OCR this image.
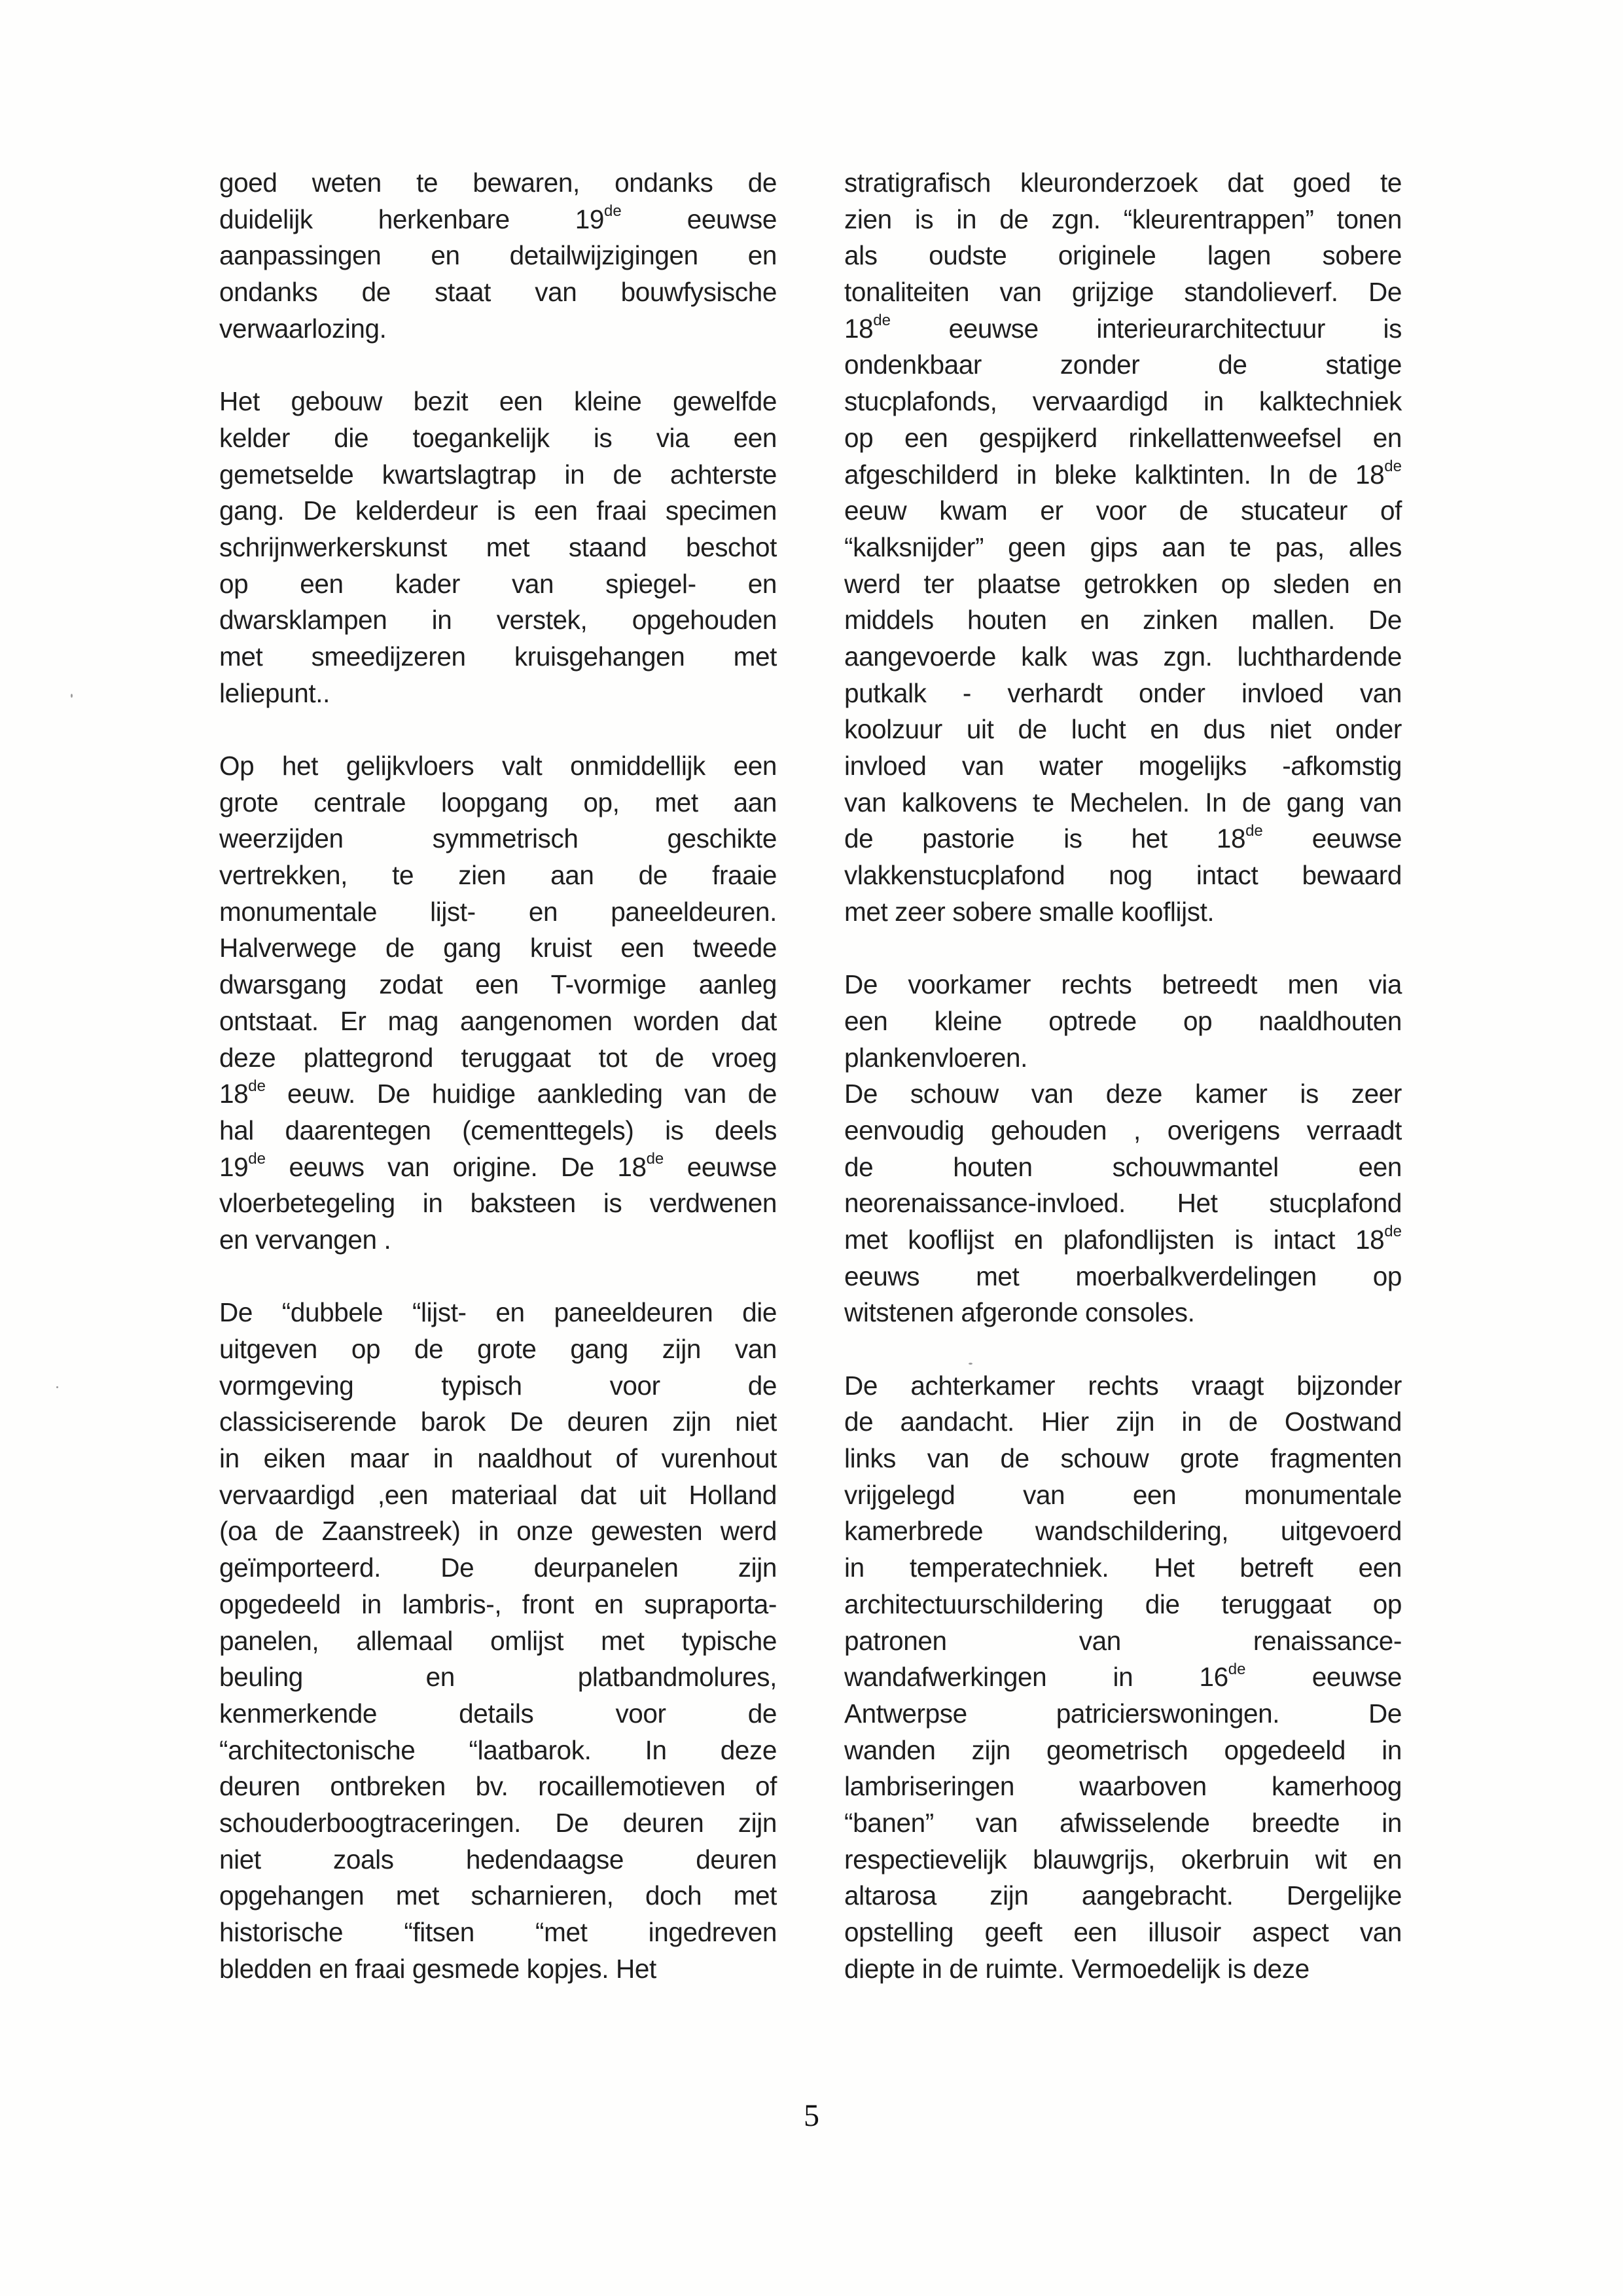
goed weten te bewaren, ondanks de
duidelijk herkenbare 19de eeuwse
aanpassingen en detailwijzigingen en
ondanks de staat van bouwfysische
verwaarlozing.
Het gebouw bezit een kleine gewelfde
kelder die toegankelijk is via een
gemetselde kwartslagtrap in de achterste
gang. De kelderdeur is een fraai specimen
schrijnwerkerskunst met staand beschot
op een kader van spiegel- en
dwarsklampen in verstek, opgehouden
met smeedijzeren kruisgehangen met
leliepunt..
Op het gelijkvloers valt onmiddellijk een
grote centrale loopgang op, met aan
weerzijden symmetrisch geschikte
vertrekken, te zien aan de fraaie
monumentale lijst- en paneeldeuren.
Halverwege de gang kruist een tweede
dwarsgang zodat een T-vormige aanleg
ontstaat. Er mag aangenomen worden dat
deze plattegrond teruggaat tot de vroeg
18de eeuw. De huidige aankleding van de
hal daarentegen (cementtegels) is deels
19de eeuws van origine. De 18de eeuwse
vloerbetegeling in baksteen is verdwenen
en vervangen .
De “dubbele “lijst- en paneeldeuren die
uitgeven op de grote gang zijn van
vormgeving typisch voor de
classiciserende barok De deuren zijn niet
in eiken maar in naaldhout of vurenhout
vervaardigd ,een materiaal dat uit Holland
(oa de Zaanstreek) in onze gewesten werd
geïmporteerd. De deurpanelen zijn
opgedeeld in lambris-, front en supraporta-
panelen, allemaal omlijst met typische
beuling en platbandmolures,
kenmerkende details voor de
“architectonische “laatbarok. In deze
deuren ontbreken bv. rocaillemotieven of
schouderboogtraceringen. De deuren zijn
niet zoals hedendaagse deuren
opgehangen met scharnieren, doch met
historische “fitsen “met ingedreven
bledden en fraai gesmede kopjes. Het
stratigrafisch kleuronderzoek dat goed te
zien is in de zgn. “kleurentrappen” tonen
als oudste originele lagen sobere
tonaliteiten van grijzige standolieverf. De
18de eeuwse interieurarchitectuur is
ondenkbaar zonder de statige
stucplafonds, vervaardigd in kalktechniek
op een gespijkerd rinkellattenweefsel en
afgeschilderd in bleke kalktinten. In de 18de
eeuw kwam er voor de stucateur of
“kalksnijder” geen gips aan te pas, alles
werd ter plaatse getrokken op sleden en
middels houten en zinken mallen. De
aangevoerde kalk was zgn. luchthardende
putkalk - verhardt onder invloed van
koolzuur uit de lucht en dus niet onder
invloed van water mogelijks -afkomstig
van kalkovens te Mechelen. In de gang van
de pastorie is het 18de eeuwse
vlakkenstucplafond nog intact bewaard
met zeer sobere smalle kooflijst.
De voorkamer rechts betreedt men via
een kleine optrede op naaldhouten
plankenvloeren.
De schouw van deze kamer is zeer
eenvoudig gehouden , overigens verraadt
de houten schouwmantel een
neorenaissance-invloed. Het stucplafond
met kooflijst en plafondlijsten is intact 18de
eeuws met moerbalkverdelingen op
witstenen afgeronde consoles.
De achterkamer rechts vraagt bijzonder
de aandacht. Hier zijn in de Oostwand
links van de schouw grote fragmenten
vrijgelegd van een monumentale
kamerbrede wandschildering, uitgevoerd
in temperatechniek. Het betreft een
architectuurschildering die teruggaat op
patronen van renaissance-
wandafwerkingen in 16de eeuwse
Antwerpse patricierswoningen. De
wanden zijn geometrisch opgedeeld in
lambriseringen waarboven kamerhoog
“banen” van afwisselende breedte in
respectievelijk blauwgrijs, okerbruin wit en
altarosa zijn aangebracht. Dergelijke
opstelling geeft een illusoir aspect van
diepte in de ruimte. Vermoedelijk is deze
5
